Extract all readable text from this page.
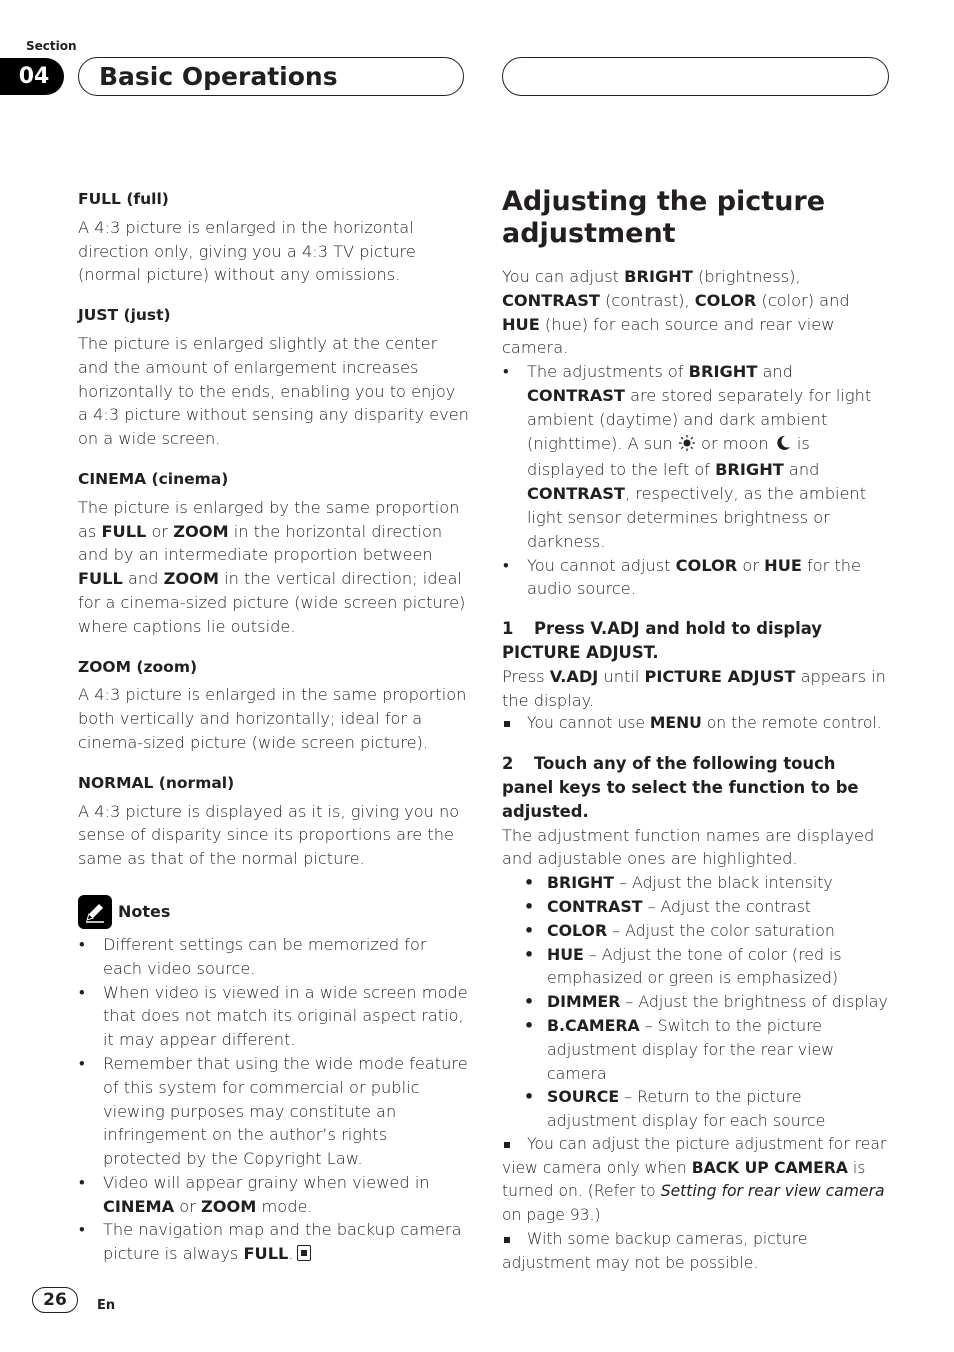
Section
04	Basic Operations

FULL (full)

A 4:3 picture is enlarged in the horizontal direction only, giving you a 4:3 TV picture (normal picture) without any omissions.

JUST (just)

The picture is enlarged slightly at the center and the amount of enlargement increases horizontally to the ends, enabling you to enjoy a 4:3 picture without sensing any disparity even on a wide screen.

CINEMA (cinema)

The picture is enlarged by the same proportion as FULL or ZOOM in the horizontal direction and by an intermediate proportion between FULL and ZOOM in the vertical direction; ideal for a cinema-sized picture (wide screen picture) where captions lie outside.

ZOOM (zoom)

A 4:3 picture is enlarged in the same proportion both vertically and horizontally; ideal for a cinema-sized picture (wide screen picture).

NORMAL (normal)

A 4:3 picture is displayed as it is, giving you no sense of disparity since its proportions are the same as that of the normal picture.

Notes
• Different settings can be memorized for each video source.
• When video is viewed in a wide screen mode that does not match its original aspect ratio, it may appear different.
• Remember that using the wide mode feature of this system for commercial or public viewing purposes may constitute an infringement on the author’s rights protected by the Copyright Law.
• Video will appear grainy when viewed in CINEMA or ZOOM mode.
• The navigation map and the backup camera picture is always FULL.
Adjusting the picture adjustment

You can adjust BRIGHT (brightness), CONTRAST (contrast), COLOR (color) and HUE (hue) for each source and rear view camera.

• The adjustments of BRIGHT and CONTRAST are stored separately for light ambient (daytime) and dark ambient (nighttime). A sun  or moon  is displayed to the left of BRIGHT and CONTRAST, respectively, as the ambient light sensor determines brightness or darkness.
• You cannot adjust COLOR or HUE for the audio source.

1 Press V.ADJ and hold to display PICTURE ADJUST.

Press V.ADJ until PICTURE ADJUST appears in the display.

You cannot use MENU on the remote control.

2 Touch any of the following touch panel keys to select the function to be adjusted.

The adjustment function names are displayed and adjustable ones are highlighted.

• BRIGHT – Adjust the black intensity
• CONTRAST – Adjust the contrast
• COLOR – Adjust the color saturation
• HUE – Adjust the tone of color (red is emphasized or green is emphasized)
• DIMMER – Adjust the brightness of display
• B.CAMERA – Switch to the picture adjustment display for the rear view camera
• SOURCE – Return to the picture adjustment display for each source

You can adjust the picture adjustment for rear view camera only when BACK UP CAMERA is turned on. (Refer to Setting for rear view camera on page 93.)

With some backup cameras, picture adjustment may not be possible.

26	En
